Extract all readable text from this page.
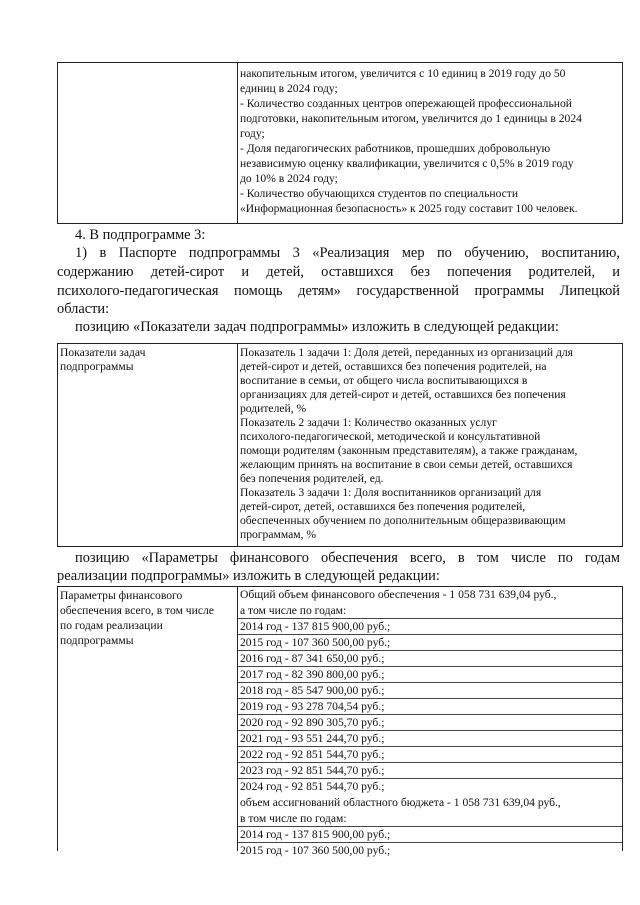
накопительным итогом, увеличится с 10 единиц в 2019 году до 50
единиц в 2024 году;
- Количество созданных центров опережающей профессиональной
подготовки, накопительным итогом, увеличится до 1 единицы в 2024
году;
- Доля педагогических работников, прошедших добровольную
независимую оценку квалификации, увеличится с 0,5% в 2019 году
до 10% в 2024 году;
- Количество обучающихся студентов по специальности
«Информационная безопасность» к 2025 году составит 100 человек.
4. В подпрограмме 3:
1) в Паспорте подпрограммы 3 «Реализация мер по обучению, воспитанию,
содержанию детей-сирот и детей, оставшихся без попечения родителей, и
психолого-педагогическая помощь детям» государственной программы Липецкой
области:
позицию «Показатели задач подпрограммы» изложить в следующей редакции:
Показатели задач
подпрограммы
Показатель 1 задачи 1: Доля детей, переданных из организаций для
детей-сирот и детей, оставшихся без попечения родителей, на
воспитание в семьи, от общего числа воспитывающихся в
организациях для детей-сирот и детей, оставшихся без попечения
родителей, %
Показатель 2 задачи 1: Количество оказанных услуг
психолого-педагогической, методической и консультативной
помощи родителям (законным представителям), а также гражданам,
желающим принять на воспитание в свои семьи детей, оставшихся
без попечения родителей, ед.
Показатель 3 задачи 1: Доля воспитанников организаций для
детей-сирот, детей, оставшихся без попечения родителей,
обеспеченных обучением по дополнительным общеразвивающим
программам, %
позицию «Параметры финансового обеспечения всего, в том числе по годам
реализации подпрограммы» изложить в следующей редакции:
Параметры финансового
обеспечения всего, в том числе
по годам реализации
подпрограммы
Общий объем финансового обеспечения - 1 058 731 639,04 руб.,
а том числе по годам:
2014 год - 137 815 900,00 руб.;
2015 год - 107 360 500,00 руб.;
2016 год - 87 341 650,00 руб.;
2017 год - 82 390 800,00 руб.;
2018 год - 85 547 900,00 руб.;
2019 год - 93 278 704,54 руб.;
2020 год - 92 890 305,70 руб.;
2021 год - 93 551 244,70 руб.;
2022 год - 92 851 544,70 руб.;
2023 год - 92 851 544,70 руб.;
2024 год - 92 851 544,70 руб.;
объем ассигнований областного бюджета - 1 058 731 639,04 руб.,
в том числе по годам:
2014 год - 137 815 900,00 руб.;
2015 год - 107 360 500,00 руб.;
